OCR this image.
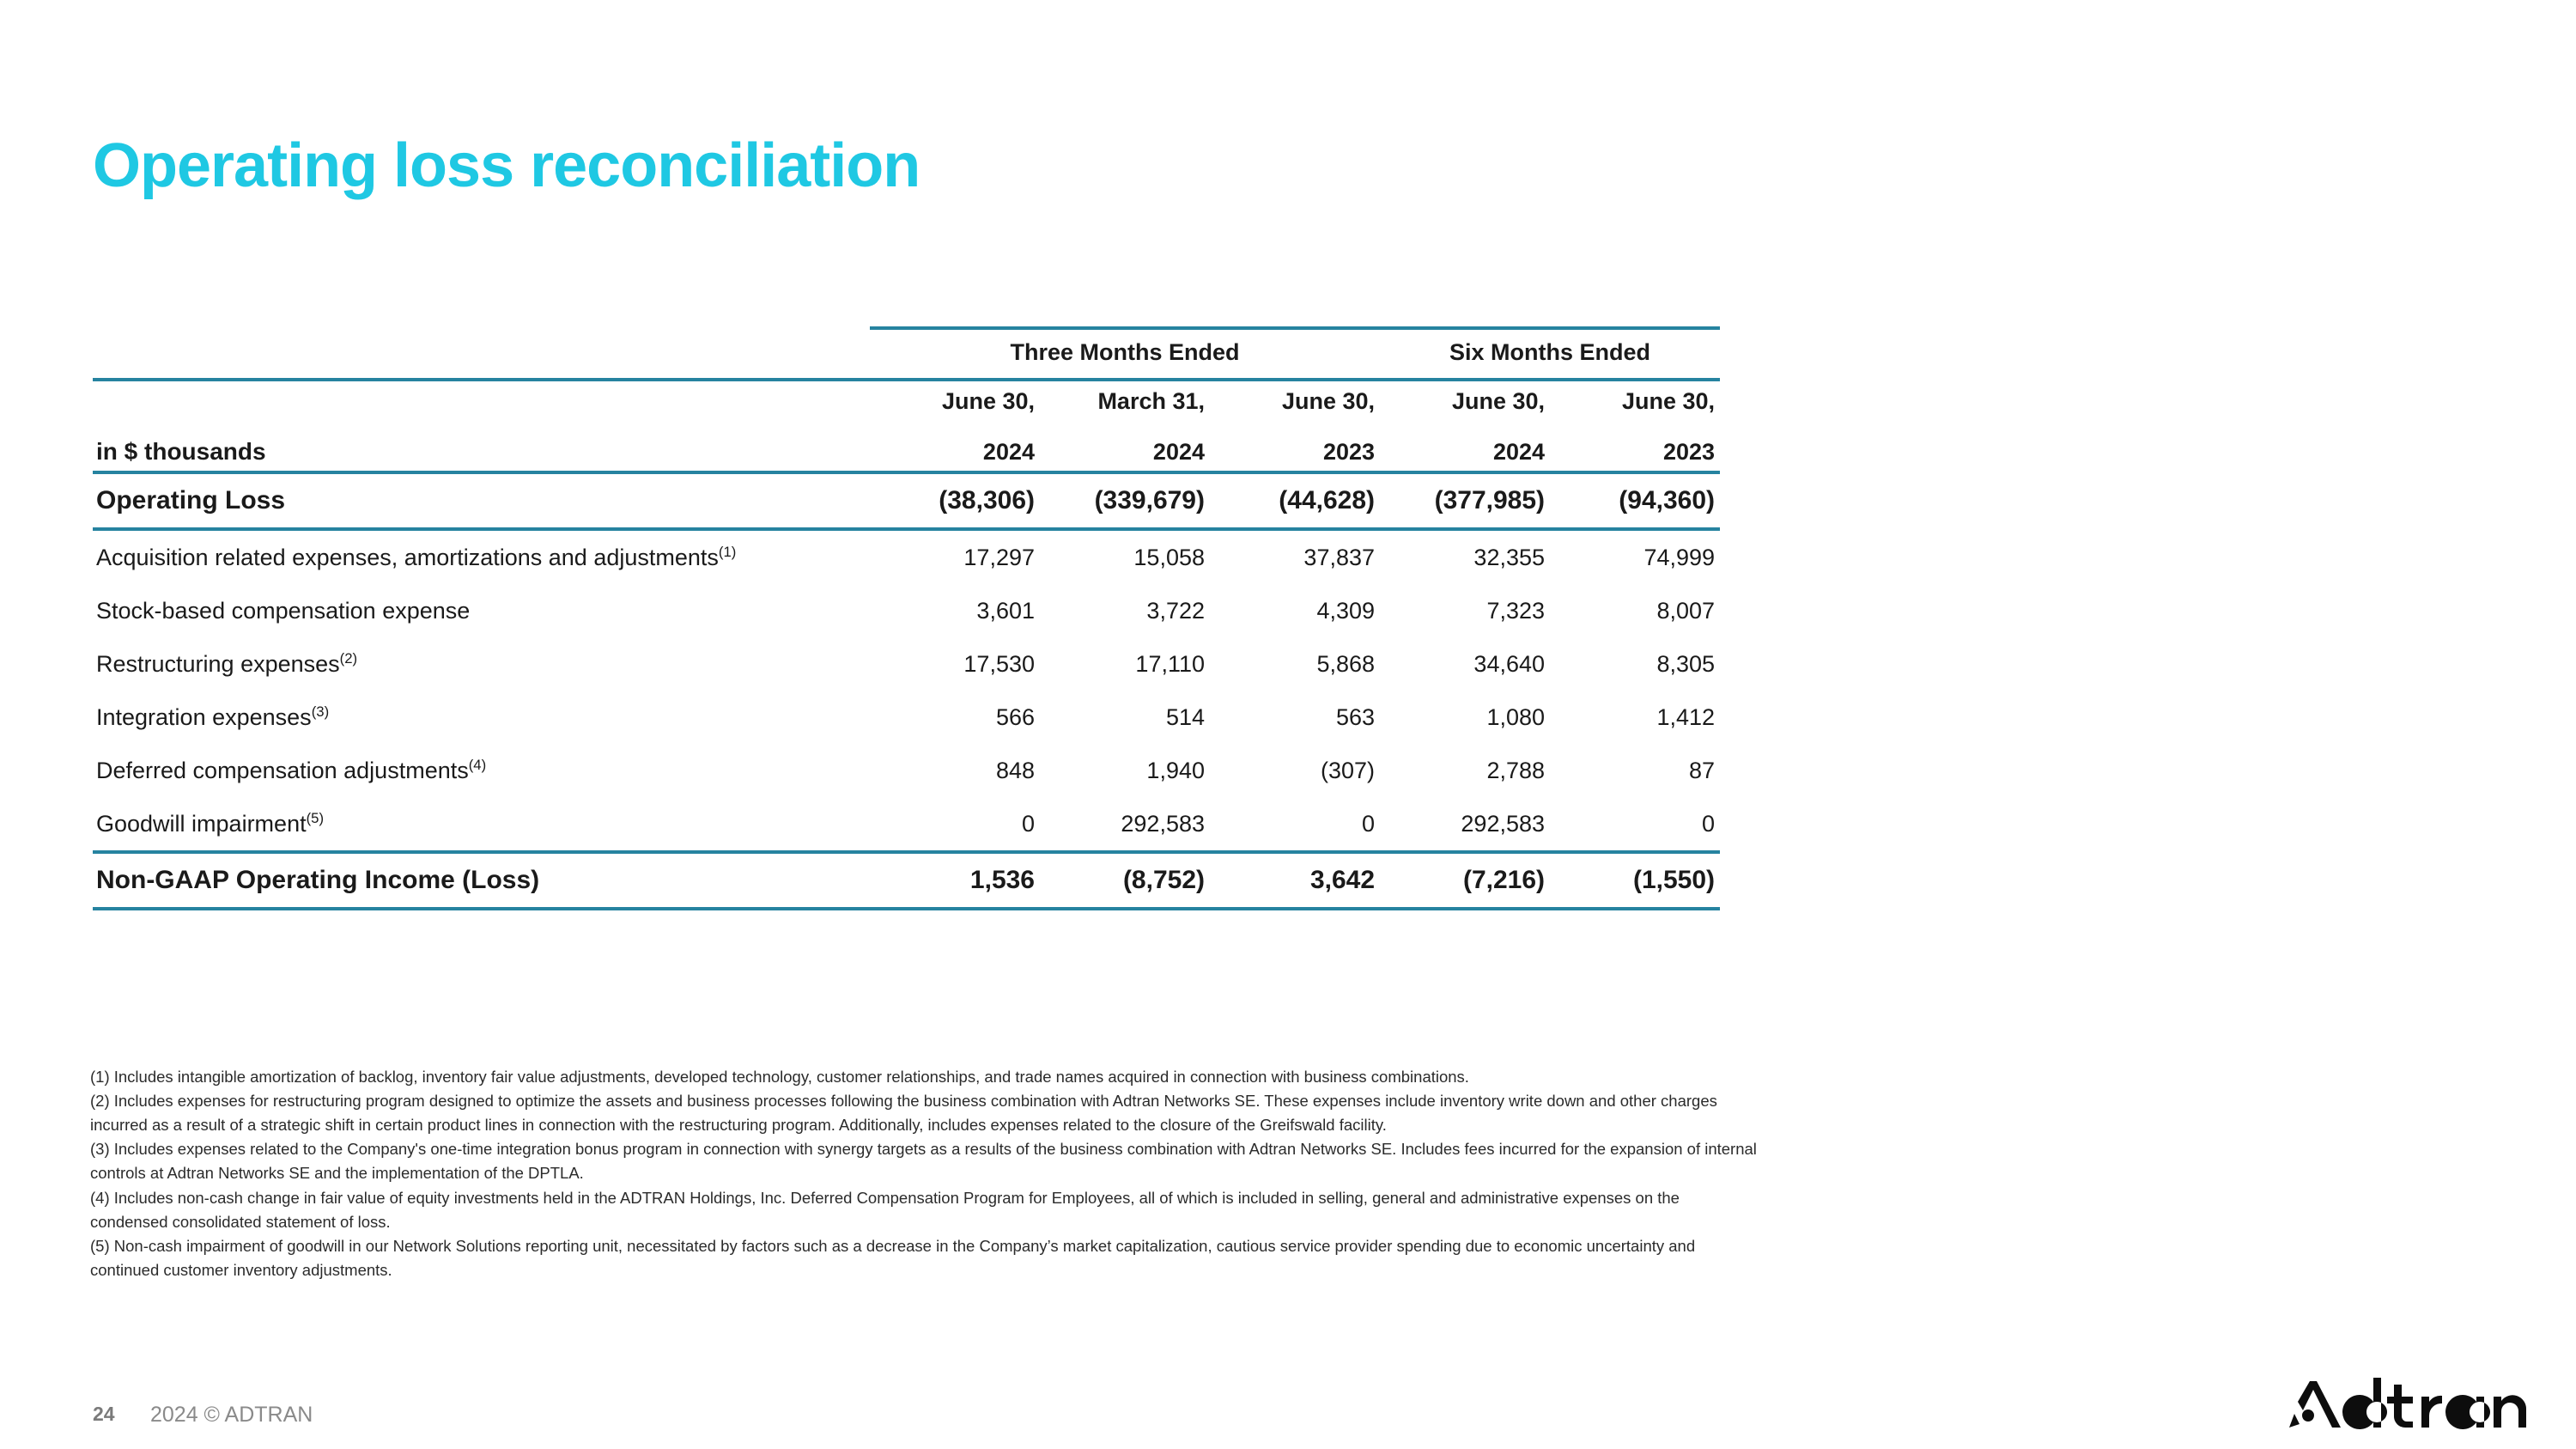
Operating loss reconciliation
	Three Months Ended			Six Months Ended	
	June 30,	March 31,	June 30,	June 30,	June 30,
in $ thousands	2024	2024	2023	2024	2023
Operating Loss	(38,306)	(339,679)	(44,628)	(377,985)	(94,360)
Acquisition related expenses, amortizations and adjustments$^{(1)}$	17,297	15,058	37,837	32,355	74,999
Stock-based compensation expense	3,601	3,722	4,309	7,323	8,007
Restructuring expenses$^{(2)}$	17,530	17,110	5,868	34,640	8,305
Integration expenses$^{(3)}$	566	514	563	1,080	1,412
Deferred compensation adjustments$^{(4)}$	848	1,940	(307)	2,788	87
Goodwill impairment$^{(5)}$	0	292,583	0	292,583	0
Non-GAAP Operating Income (Loss)	1,536	(8,752)	3,642	(7,216)	(1,550)

(1) Includes intangible amortization of backlog, inventory fair value adjustments, developed technology, customer relationships, and trade names acquired in connection with business combinations.

(2) Includes expenses for restructuring program designed to optimize the assets and business processes following the business combination with Adtran Networks SE. These expenses include inventory write down and other charges incurred as a result of a strategic shift in certain product lines in connection with the restructuring program. Additionally, includes expenses related to the closure of the Greifswald facility.

(3) Includes expenses related to the Company's one-time integration bonus program in connection with synergy targets as a results of the business combination with Adtran Networks SE. Includes fees incurred for the expansion of internal controls at Adtran Networks SE and the implementation of the DPTLA.

(4) Includes non-cash change in fair value of equity investments held in the ADTRAN Holdings, Inc. Deferred Compensation Program for Employees, all of which is included in selling, general and administrative expenses on the condensed consolidated statement of loss.

(5) Non-cash impairment of goodwill in our Network Solutions reporting unit, necessitated by factors such as a decrease in the Company’s market capitalization, cautious service provider spending due to economic uncertainty and continued customer inventory adjustments.

24 2024 © ADTRAN
